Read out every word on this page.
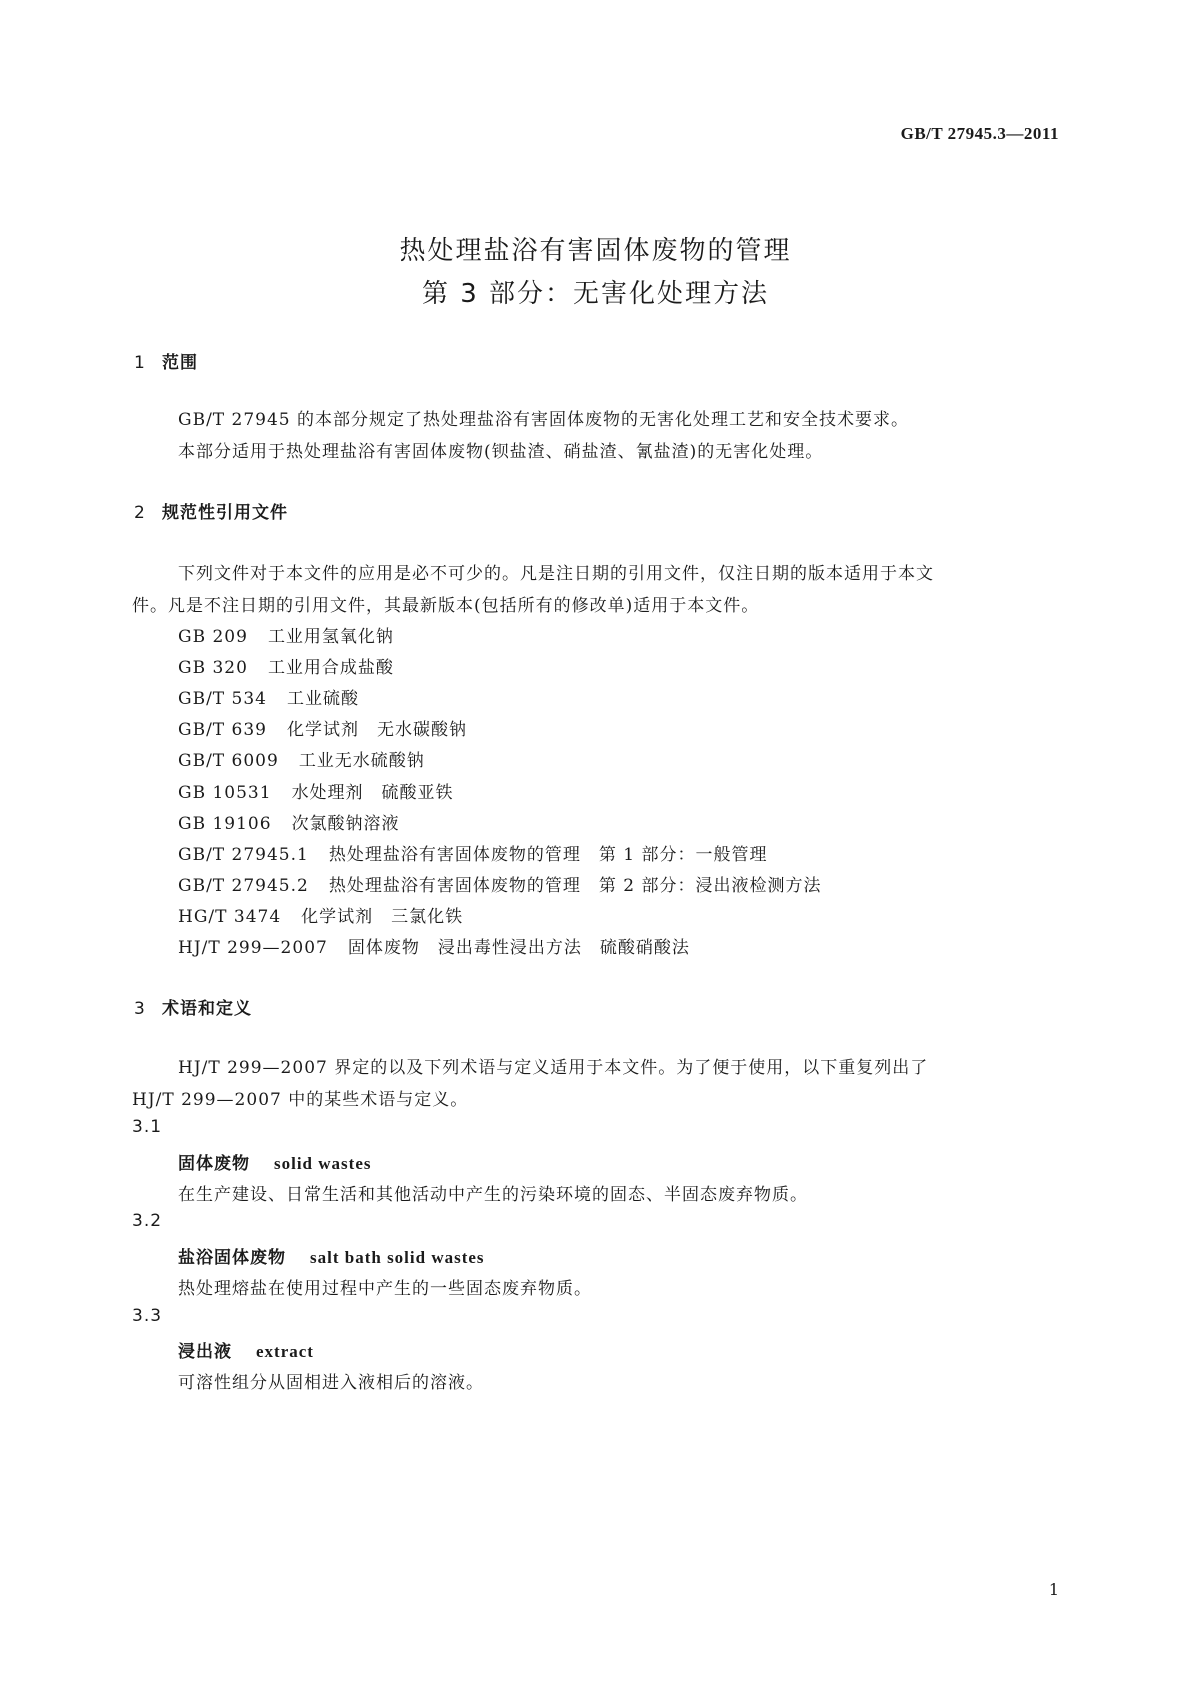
GB/T 27945.3—2011
热处理盐浴有害固体废物的管理
第 3 部分：无害化处理方法
1 范围
GB/T 27945 的本部分规定了热处理盐浴有害固体废物的无害化处理工艺和安全技术要求。
本部分适用于热处理盐浴有害固体废物(钡盐渣、硝盐渣、氰盐渣)的无害化处理。
2 规范性引用文件
下列文件对于本文件的应用是必不可少的。凡是注日期的引用文件，仅注日期的版本适用于本文
件。凡是不注日期的引用文件，其最新版本(包括所有的修改单)适用于本文件。
GB 209 工业用氢氧化钠
GB 320 工业用合成盐酸
GB/T 534 工业硫酸
GB/T 639 化学试剂　无水碳酸钠
GB/T 6009 工业无水硫酸钠
GB 10531 水处理剂　硫酸亚铁
GB 19106 次氯酸钠溶液
GB/T 27945.1 热处理盐浴有害固体废物的管理　第 1 部分：一般管理
GB/T 27945.2 热处理盐浴有害固体废物的管理　第 2 部分：浸出液检测方法
HG/T 3474 化学试剂　三氯化铁
HJ/T 299—2007 固体废物　浸出毒性浸出方法　硫酸硝酸法
3 术语和定义
HJ/T 299—2007 界定的以及下列术语与定义适用于本文件。为了便于使用，以下重复列出了
HJ/T 299—2007 中的某些术语与定义。
3.1
固体废物 solid wastes
在生产建设、日常生活和其他活动中产生的污染环境的固态、半固态废弃物质。
3.2
盐浴固体废物 salt bath solid wastes
热处理熔盐在使用过程中产生的一些固态废弃物质。
3.3
浸出液 extract
可溶性组分从固相进入液相后的溶液。
1
